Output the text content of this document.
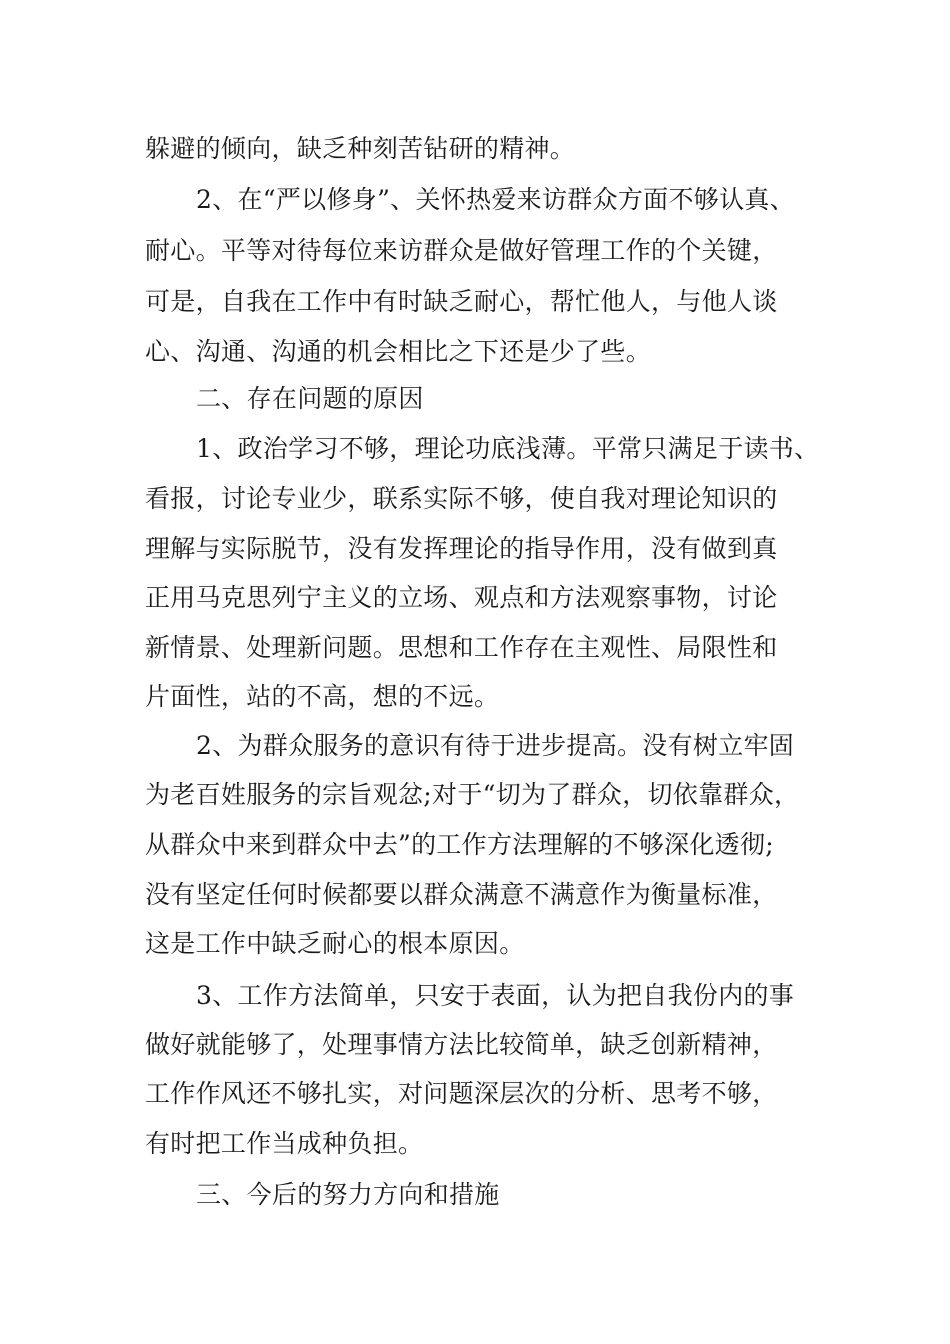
躲避的倾向，缺乏种刻苦钻研的精神。
2、在“严以修身”、关怀热爱来访群众方面不够认真、
耐心。平等对待每位来访群众是做好管理工作的个关键，
可是，自我在工作中有时缺乏耐心，帮忙他人，与他人谈
心、沟通、沟通的机会相比之下还是少了些。
二、存在问题的原因
1、政治学习不够，理论功底浅薄。平常只满足于读书、
看报，讨论专业少，联系实际不够，使自我对理论知识的
理解与实际脱节，没有发挥理论的指导作用，没有做到真
正用马克思列宁主义的立场、观点和方法观察事物，讨论
新情景、处理新问题。思想和工作存在主观性、局限性和
片面性，站的不高，想的不远。
2、为群众服务的意识有待于进步提高。没有树立牢固
为老百姓服务的宗旨观忿;对于“切为了群众，切依靠群众，
从群众中来到群众中去”的工作方法理解的不够深化透彻;
没有坚定任何时候都要以群众满意不满意作为衡量标准，
这是工作中缺乏耐心的根本原因。
3、工作方法简单，只安于表面，认为把自我份内的事
做好就能够了，处理事情方法比较简单，缺乏创新精神，
工作作风还不够扎实，对问题深层次的分析、思考不够，
有时把工作当成种负担。
三、今后的努力方向和措施
